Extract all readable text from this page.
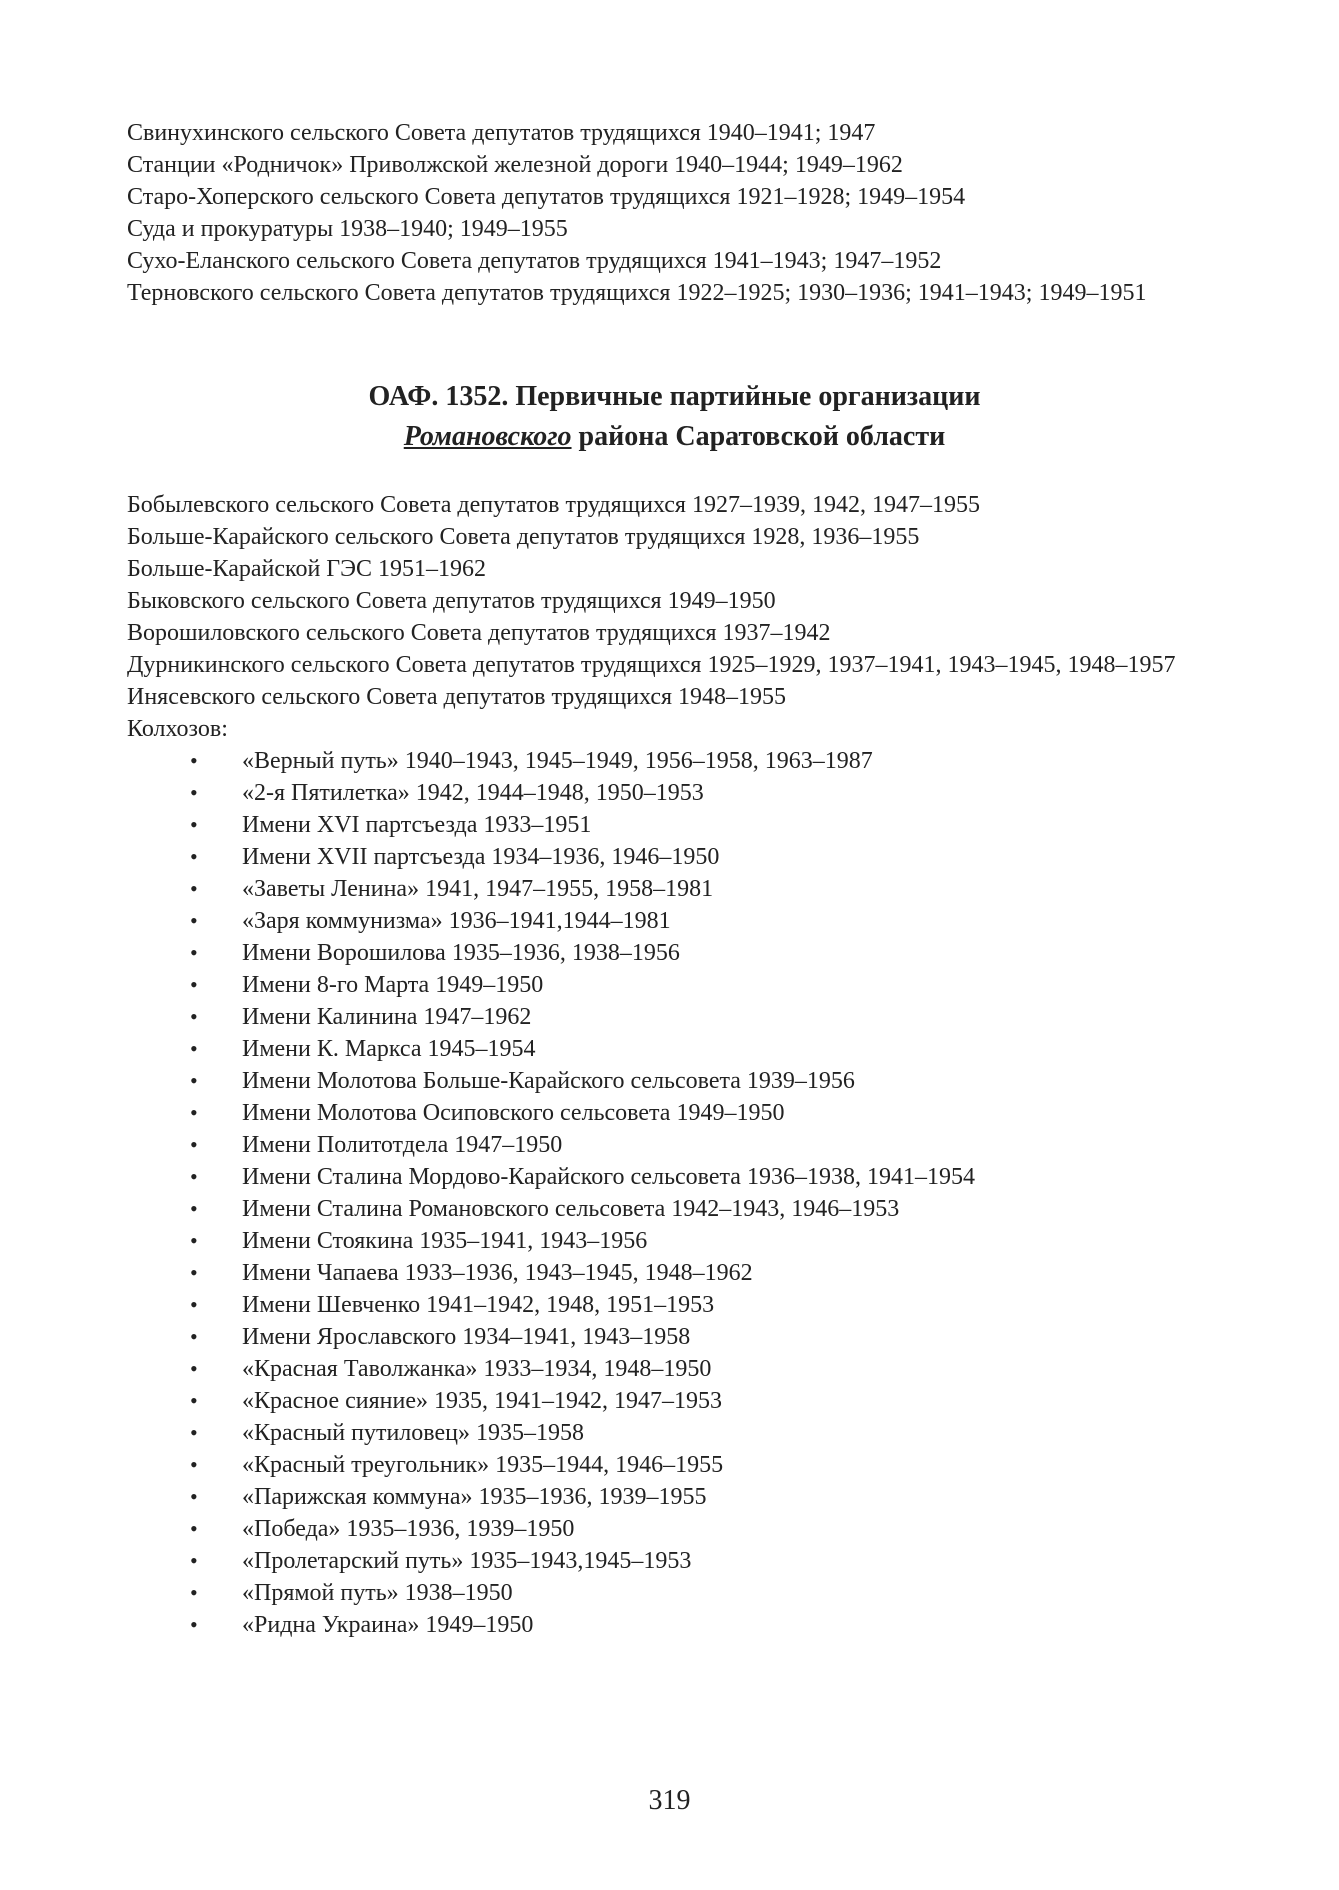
Свинухинского сельского Совета депутатов трудящихся 1940–1941; 1947

Станции «Родничок» Приволжской железной дороги 1940–1944; 1949–1962

Старо-Хоперского сельского Совета депутатов трудящихся 1921–1928; 1949–1954

Суда и прокуратуры 1938–1940; 1949–1955

Сухо-Еланского сельского Совета депутатов трудящихся 1941–1943; 1947–1952

Терновского сельского Совета депутатов трудящихся 1922–1925; 1930–1936; 1941–1943; 1949–1951

ОАФ. 1352. Первичные партийные организации
Романовского района Саратовской области

Бобылевского сельского Совета депутатов трудящихся 1927–1939, 1942, 1947–1955

Больше-Карайского сельского Совета депутатов трудящихся 1928, 1936–1955

Больше-Карайской ГЭС 1951–1962

Быковского сельского Совета депутатов трудящихся 1949–1950

Ворошиловского сельского Совета депутатов трудящихся 1937–1942

Дурникинского сельского Совета депутатов трудящихся 1925–1929, 1937–1941, 1943–1945, 1948–1957

Инясевского сельского Совета депутатов трудящихся 1948–1955

Колхозов:

• «Верный путь» 1940–1943, 1945–1949, 1956–1958, 1963–1987
• «2-я Пятилетка» 1942, 1944–1948, 1950–1953
• Имени XVI партсъезда 1933–1951
• Имени XVII партсъезда 1934–1936, 1946–1950
• «Заветы Ленина» 1941, 1947–1955, 1958–1981
• «Заря коммунизма» 1936–1941,1944–1981
• Имени Ворошилова 1935–1936, 1938–1956
• Имени 8-го Марта 1949–1950
• Имени Калинина 1947–1962
• Имени К. Маркса 1945–1954
• Имени Молотова Больше-Карайского сельсовета 1939–1956
• Имени Молотова Осиповского сельсовета 1949–1950
• Имени Политотдела 1947–1950
• Имени Сталина Мордово-Карайского сельсовета 1936–1938, 1941–1954
• Имени Сталина Романовского сельсовета 1942–1943, 1946–1953
• Имени Стоякина 1935–1941, 1943–1956
• Имени Чапаева 1933–1936, 1943–1945, 1948–1962
• Имени Шевченко 1941–1942, 1948, 1951–1953
• Имени Ярославского 1934–1941, 1943–1958
• «Красная Таволжанка» 1933–1934, 1948–1950
• «Красное сияние» 1935, 1941–1942, 1947–1953
• «Красный путиловец» 1935–1958
• «Красный треугольник» 1935–1944, 1946–1955
• «Парижская коммуна» 1935–1936, 1939–1955
• «Победа» 1935–1936, 1939–1950
• «Пролетарский путь» 1935–1943,1945–1953
• «Прямой путь» 1938–1950
• «Ридна Украина» 1949–1950
319
